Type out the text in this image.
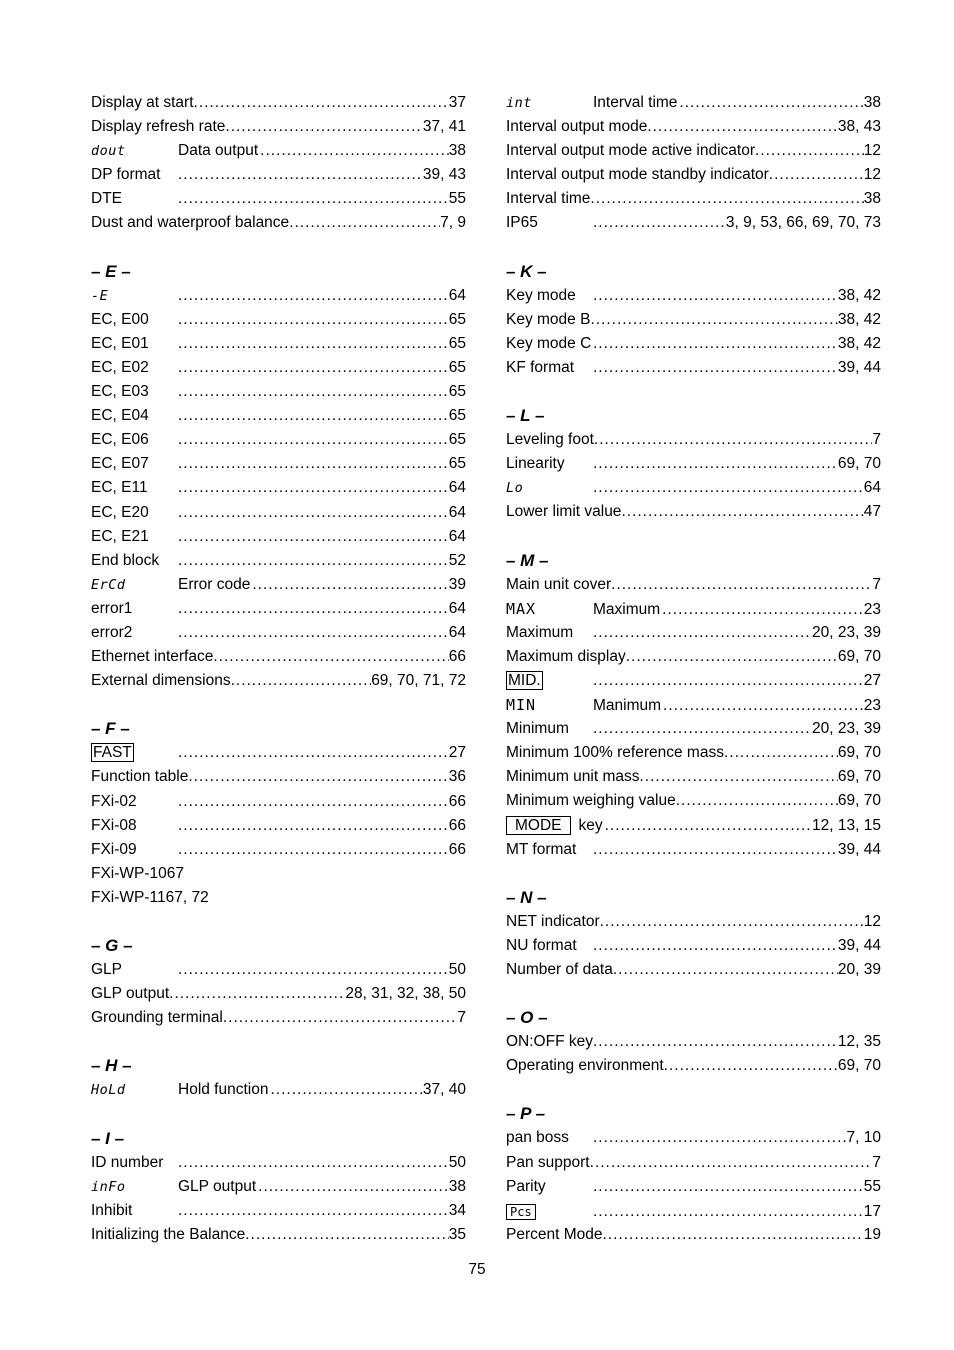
Display at start .....	37
Display refresh rate .....	37, 41
dout	Data output .....	38
DP format .....	39, 43
DTE .....	55
Dust and waterproof balance .....	7, 9
– E –
-E .....	64
EC, E00 .....	65
EC, E01 .....	65
EC, E02 .....	65
EC, E03 .....	65
EC, E04 .....	65
EC, E06 .....	65
EC, E07 .....	65
EC, E11 .....	64
EC, E20 .....	64
EC, E21 .....	64
End block .....	52
ErCd	Error code .....	39
error1 .....	64
error2 .....	64
Ethernet interface .....	66
External dimensions .....	69, 70, 71, 72
– F –
FAST .....	27
Function table .....	36
FXi-02 .....	66
FXi-08 .....	66
FXi-09 .....	66
FXi-WP-1067
FXi-WP-1167, 72
– G –
GLP .....	50
GLP output .....	28, 31, 32, 38, 50
Grounding terminal .....	7
– H –
HoLd	Hold function .....	37, 40
– I –
ID number .....	50
inFo	GLP output .....	38
Inhibit .....	34
Initializing the Balance .....	35
int	Interval time .....	38
Interval output mode .....	38, 43
Interval output mode active indicator .....	12
Interval output mode standby indicator .....	12
Interval time .....	38
IP65 .....	3, 9, 53, 66, 69, 70, 73
– K –
Key mode .....	38, 42
Key mode B .....	38, 42
Key mode C .....	38, 42
KF format .....	39, 44
– L –
Leveling foot .....	7
Linearity .....	69, 70
Lo .....	64
Lower limit value .....	47
– M –
Main unit cover .....	7
MAX	Maximum .....	23
Maximum .....	20, 23, 39
Maximum display .....	69, 70
MID. .....	27
MIN	Manimum .....	23
Minimum .....	20, 23, 39
Minimum 100% reference mass .....	69, 70
Minimum unit mass .....	69, 70
Minimum weighing value .....	69, 70
MODE	key .....	12, 13, 15
MT format .....	39, 44
– N –
NET indicator .....	12
NU format .....	39, 44
Number of data .....	20, 39
– O –
ON:OFF key .....	12, 35
Operating environment .....	69, 70
– P –
pan boss .....	7, 10
Pan support .....	7
Parity .....	55
Pcs .....	17
Percent Mode .....	19
75
